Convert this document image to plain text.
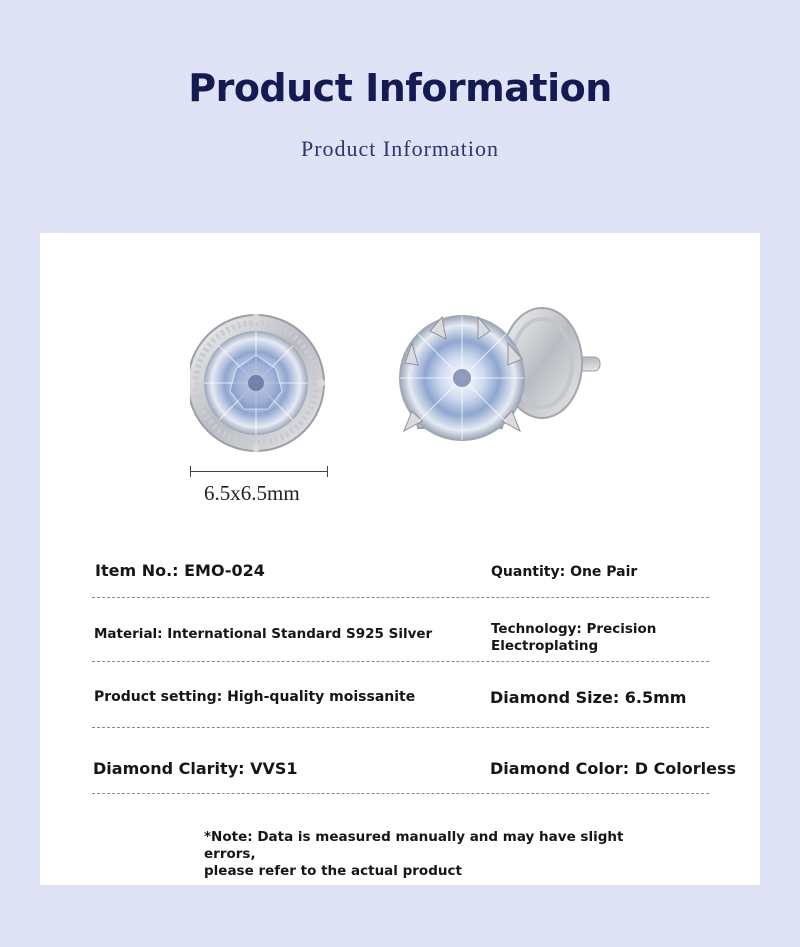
Product Information
Product Information
6.5x6.5mm
Item No.: EMO-024	Quantity: One Pair
Material: International Standard S925 Silver	Technology: Precision
Electroplating
Product setting: High-quality moissanite	Diamond Size: 6.5mm
Diamond Clarity: VVS1	Diamond Color: D Colorless
*Note: Data is measured manually and may have slight errors,
please refer to the actual product
